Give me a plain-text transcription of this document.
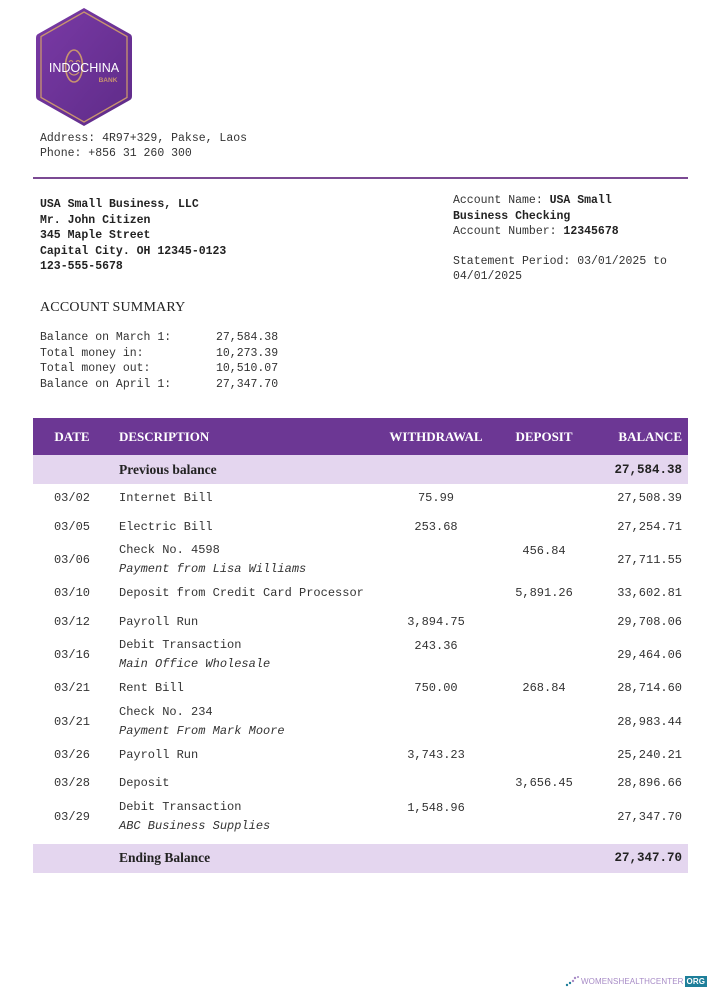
INDOCHINA
BANK
Address: 4R97+329, Pakse, Laos
Phone: +856 31 260 300
USA Small Business, LLC
Mr. John Citizen
345 Maple Street
Capital City. OH 12345-0123
123-555-5678
Account Name: USA Small
Business Checking
Account Number: 12345678
Statement Period: 03/01/2025 to
04/01/2025
ACCOUNT SUMMARY
Balance on March 1:	27,584.38
Total money in:	10,273.39
Total money out:	10,510.07
Balance on April 1:	27,347.70
DATE	DESCRIPTION	WITHDRAWAL	DEPOSIT	BALANCE
	Previous balance			27,584.38
03/02	Internet Bill	75.99		27,508.39
03/05	Electric Bill	253.68		27,254.71
03/06	Check No. 4598
Payment from Lisa Williams		456.84	27,711.55
03/10	Deposit from Credit Card Processor		5,891.26	33,602.81
03/12	Payroll Run	3,894.75		29,708.06
03/16	Debit Transaction
Main Office Wholesale	243.36		29,464.06
03/21	Rent Bill	750.00	268.84	28,714.60
03/21	Check No. 234
Payment From Mark Moore			28,983.44
03/26	Payroll Run	3,743.23		25,240.21
03/28	Deposit		3,656.45	28,896.66
03/29	Debit Transaction
ABC Business Supplies	1,548.96		27,347.70

	Ending Balance			27,347.70
WOMENSHEALTHCENTER ORG
